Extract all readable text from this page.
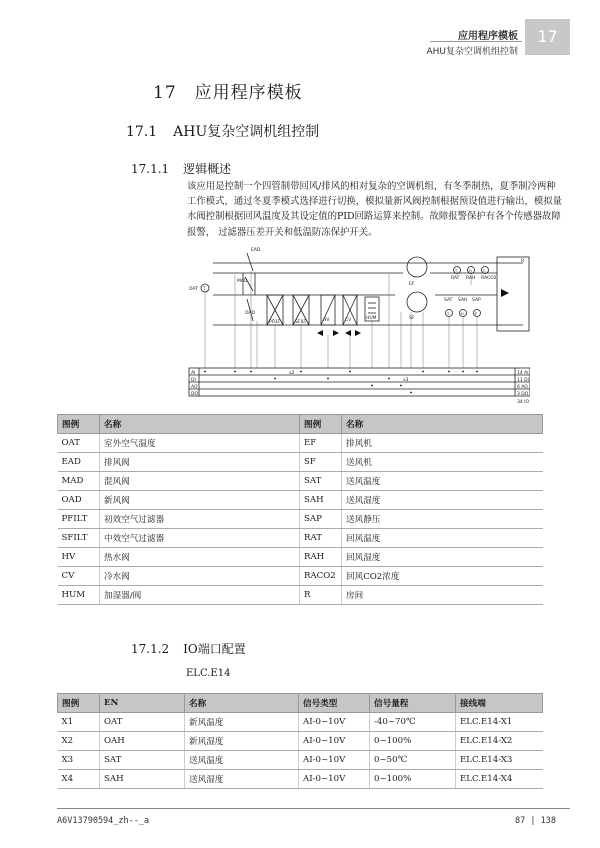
应用程序模板
AHU复杂空调机组控制
17
17 应用程序模板
17.1 AHU复杂空调机组控制
17.1.1 逻辑概述
该应用是控制一个四管制带回风/排风的相对复杂的空调机组，有冬季制热，夏季制冷两种工作模式，通过冬夏季模式选择进行切换，模拟量新风阀控制根据预设值进行输出，模拟量水阀控制根据回风温度及其设定值的PID回路运算来控制。故障报警保护有各个传感器故障报警， 过滤器压差开关和低温防冻保护开关。
EAD
OAT
MAD
OAD
PFILT	SFILT	HV	CV	HUM
EF
SF
RAT RAH RACO2
SAT SAH SAP
R
T
T	H	C
T	H	P
x2
x3
AI
DI
AO
DO
14 AI
11 DI
6 AO
3 DO
34 IO
图例	名称	图例	名称
OAT	室外空气温度	EF	排风机
EAD	排风阀	SF	送风机
MAD	混风阀	SAT	送风温度
OAD	新风阀	SAH	送风湿度
PFILT	初效空气过滤器	SAP	送风静压
SFILT	中效空气过滤器	RAT	回风温度
HV	热水阀	RAH	回风湿度
CV	冷水阀	RACO2	回风CO2浓度
HUM	加湿器/阀	R	房间
17.1.2 IO端口配置
ELC.E14
图例	EN	名称	信号类型	信号量程	接线端
X1	OAT	新风温度	AI-0~10V	-40~70℃	ELC.E14-X1
X2	OAH	新风湿度	AI-0~10V	0~100%	ELC.E14-X2
X3	SAT	送风温度	AI-0~10V	0~50℃	ELC.E14-X3
X4	SAH	送风湿度	AI-0~10V	0~100%	ELC.E14-X4
A6V13790594_zh--_a	87 | 138
